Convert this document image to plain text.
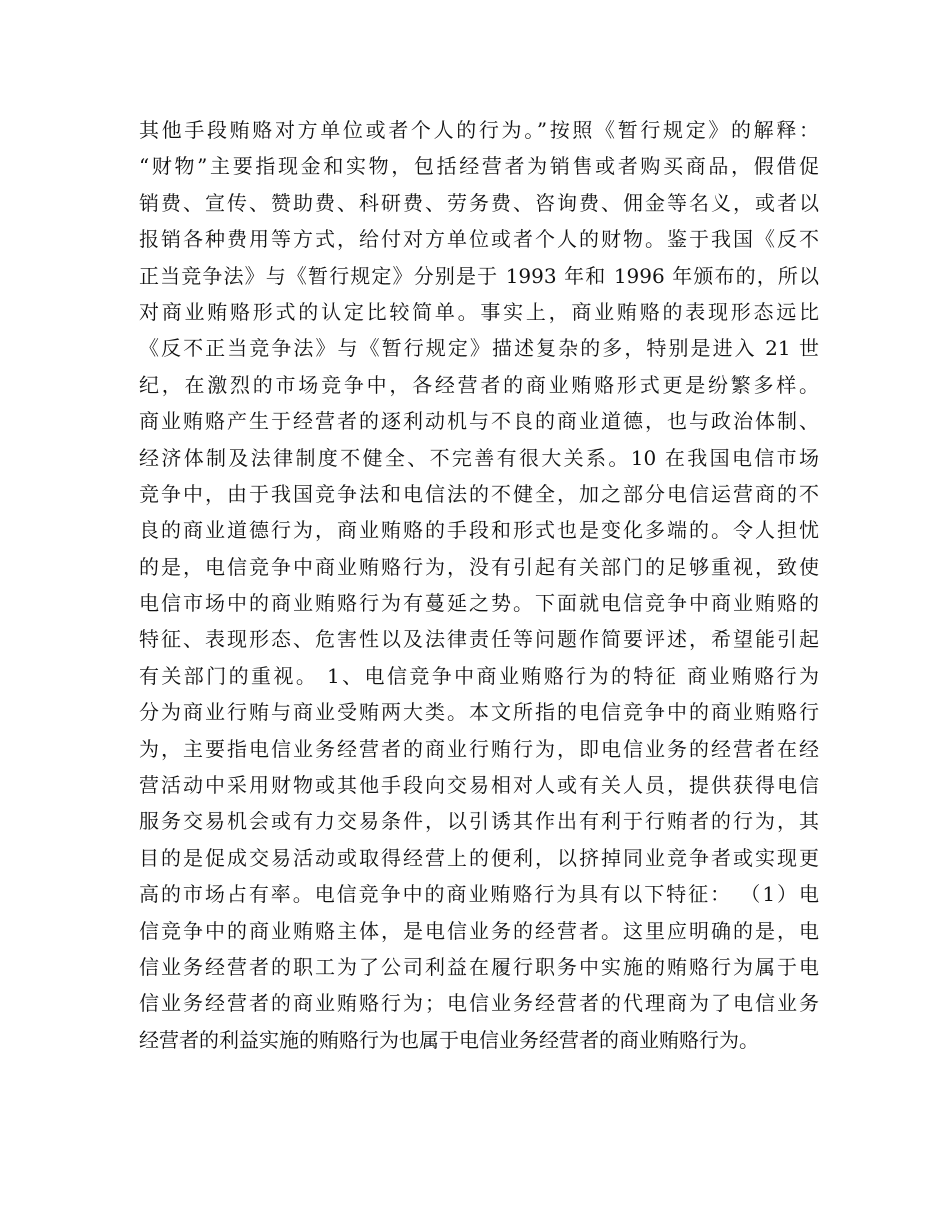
其他手段贿赂对方单位或者个人的行为。”按照《暂行规定》的解释：
“财物”主要指现金和实物，包括经营者为销售或者购买商品，假借促
销费、宣传、赞助费、科研费、劳务费、咨询费、佣金等名义，或者以
报销各种费用等方式，给付对方单位或者个人的财物。鉴于我国《反不
正当竞争法》与《暂行规定》分别是于 1993 年和 1996 年颁布的，所以
对商业贿赂形式的认定比较简单。事实上，商业贿赂的表现形态远比
《反不正当竞争法》与《暂行规定》描述复杂的多，特别是进入 21 世
纪，在激烈的市场竞争中，各经营者的商业贿赂形式更是纷繁多样。
商业贿赂产生于经营者的逐利动机与不良的商业道德，也与政治体制、
经济体制及法律制度不健全、不完善有很大关系。10 在我国电信市场
竞争中，由于我国竞争法和电信法的不健全，加之部分电信运营商的不
良的商业道德行为，商业贿赂的手段和形式也是变化多端的。令人担忧
的是，电信竞争中商业贿赂行为，没有引起有关部门的足够重视，致使
电信市场中的商业贿赂行为有蔓延之势。下面就电信竞争中商业贿赂的
特征、表现形态、危害性以及法律责任等问题作简要评述，希望能引起
有关部门的重视。 1、电信竞争中商业贿赂行为的特征 商业贿赂行为
分为商业行贿与商业受贿两大类。本文所指的电信竞争中的商业贿赂行
为，主要指电信业务经营者的商业行贿行为，即电信业务的经营者在经
营活动中采用财物或其他手段向交易相对人或有关人员，提供获得电信
服务交易机会或有力交易条件，以引诱其作出有利于行贿者的行为，其
目的是促成交易活动或取得经营上的便利，以挤掉同业竞争者或实现更
高的市场占有率。电信竞争中的商业贿赂行为具有以下特征： （1）电
信竞争中的商业贿赂主体，是电信业务的经营者。这里应明确的是，电
信业务经营者的职工为了公司利益在履行职务中实施的贿赂行为属于电
信业务经营者的商业贿赂行为；电信业务经营者的代理商为了电信业务
经营者的利益实施的贿赂行为也属于电信业务经营者的商业贿赂行为。
